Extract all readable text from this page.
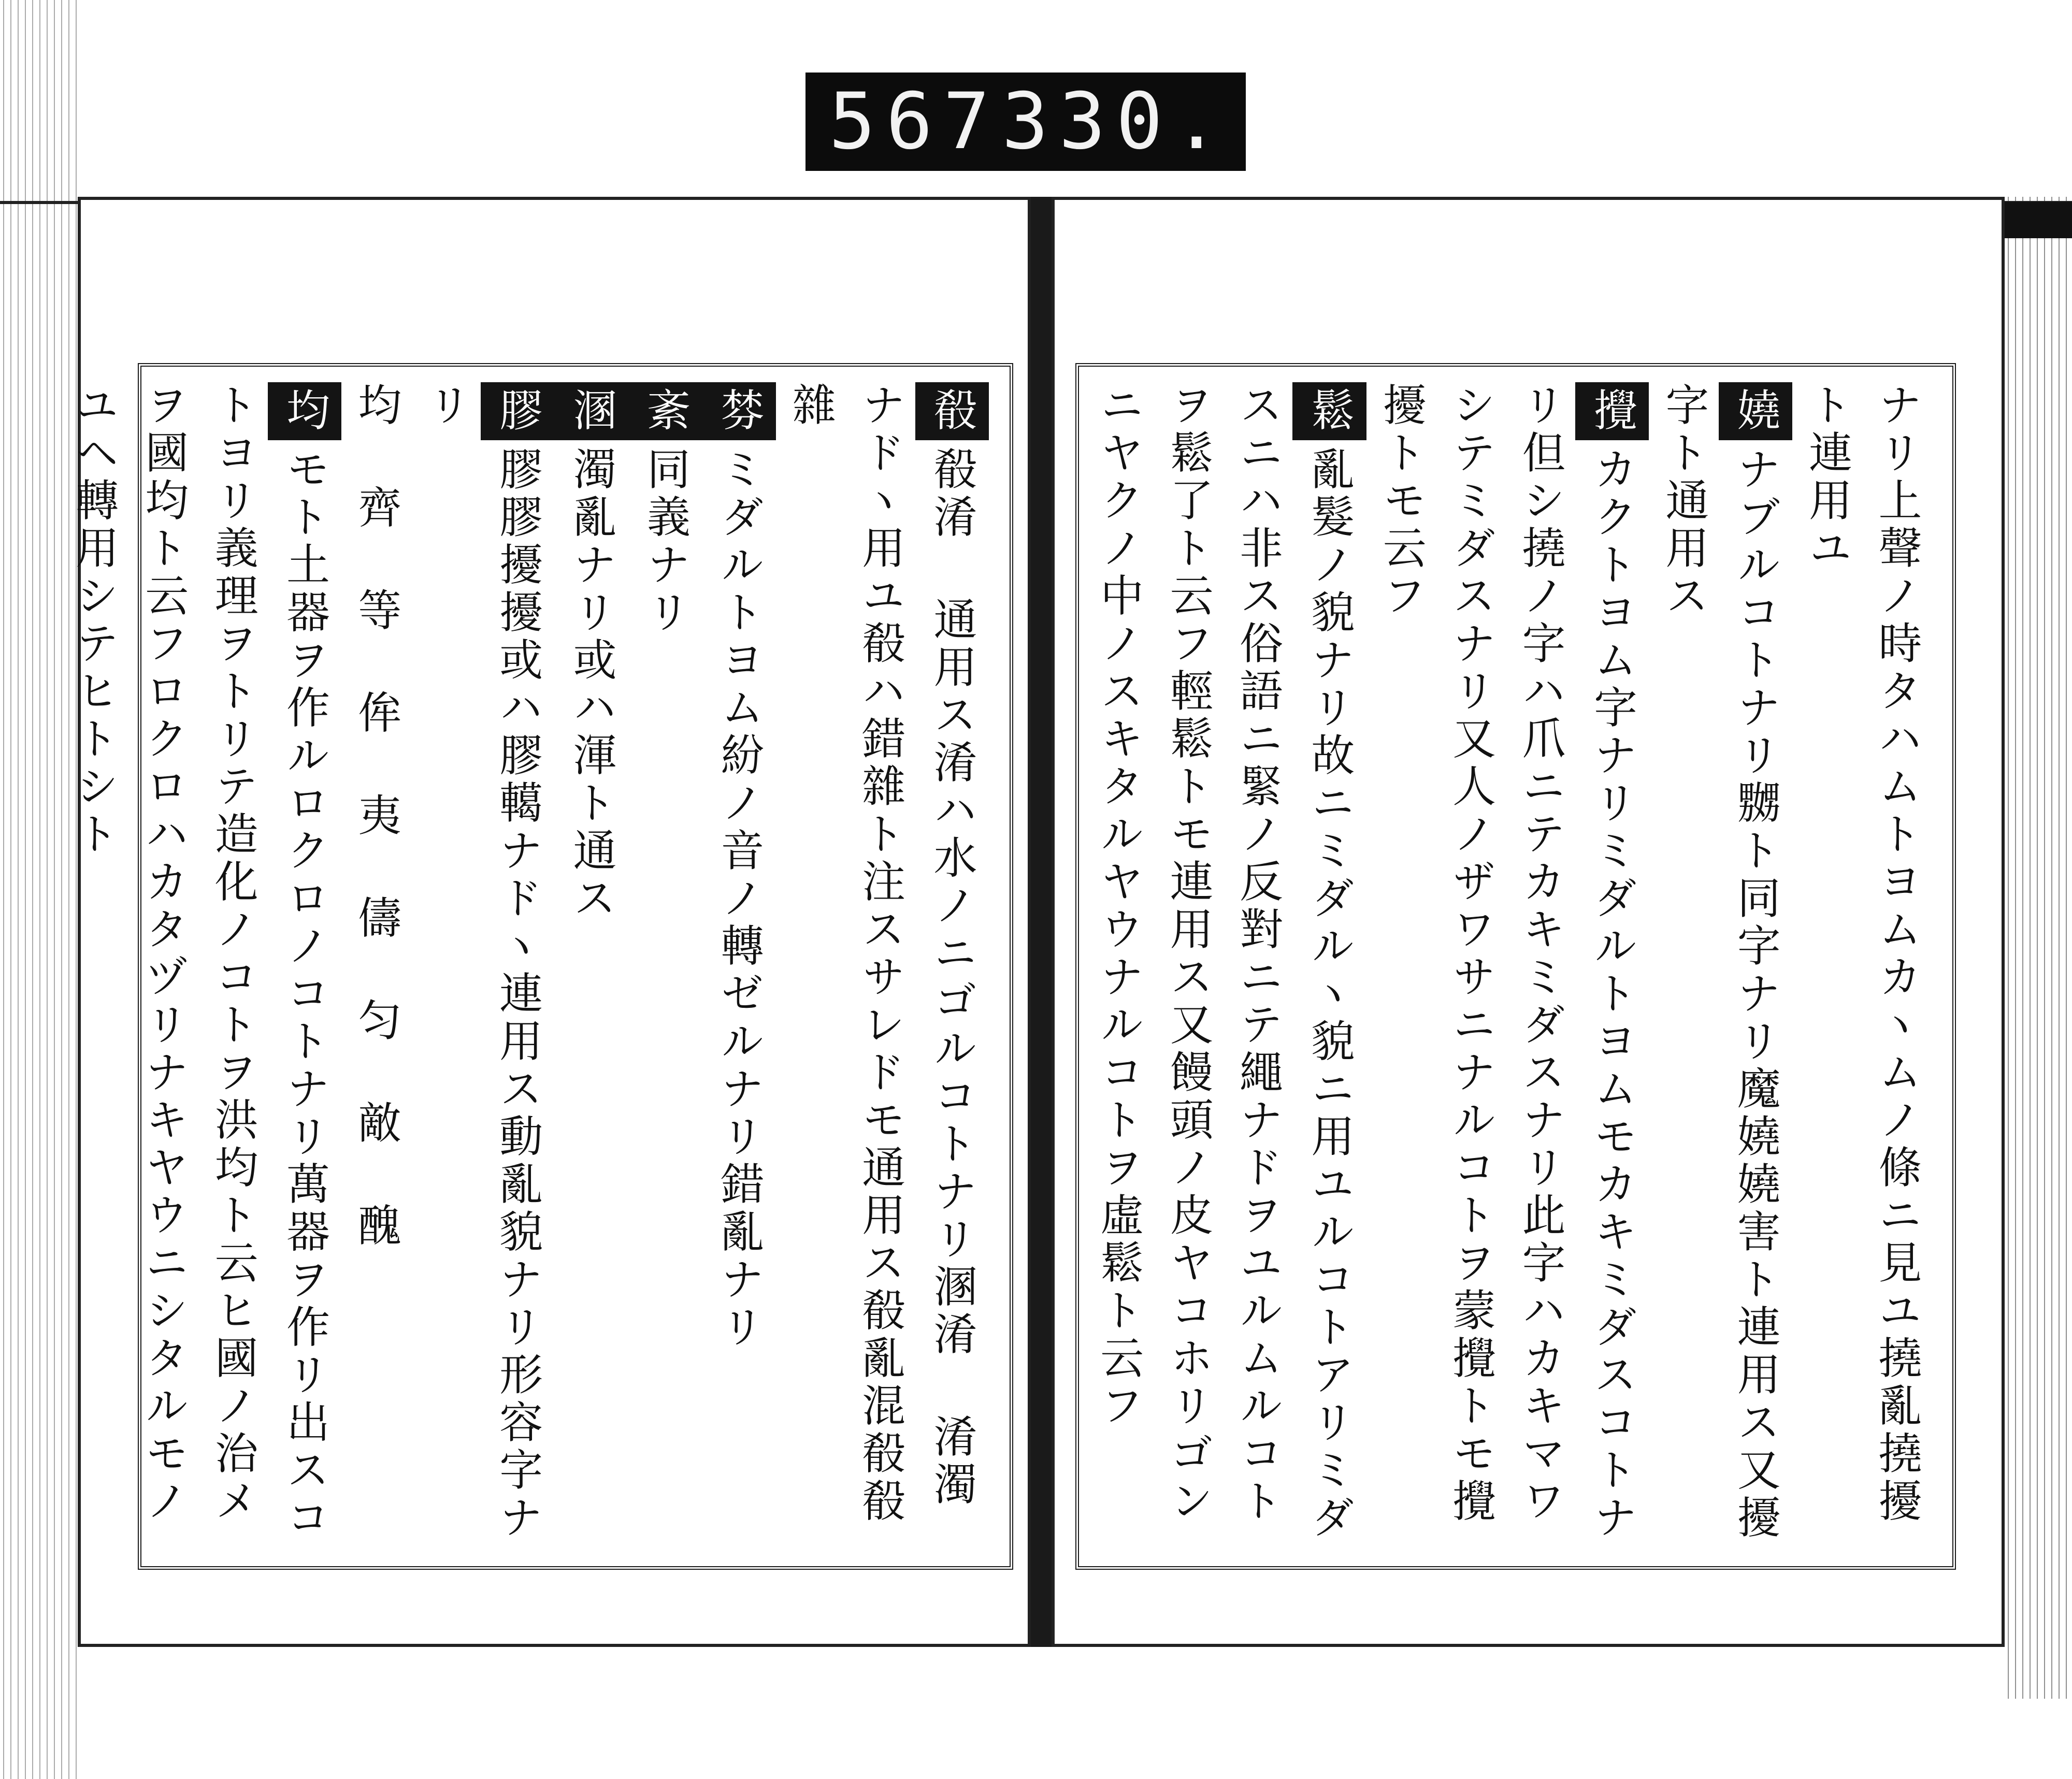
567 330.
殽殽淆 通用ス淆ハ水ノニゴルコトナリ溷淆 淆濁ナドヽ用ユ殽ハ錯雜ト注スサレドモ通用ス殽亂混殽殽雜
棼ミダルトヨム紛ノ音ノ轉ゼルナリ錯亂ナリ
紊同義ナリ
溷濁亂ナリ或ハ渾ト通ス
膠膠膠擾擾或ハ膠轕ナドヽ連用ス動亂貌ナリ形容字ナリ
均 齊 等 侔 夷 儔 匀 敵 醜
均モト土器ヲ作ルロクロノコトナリ萬器ヲ作リ出スコトヨリ義理ヲトリテ造化ノコトヲ洪均ト云ヒ國ノ治メヲ國均ト云フロクロハカタヅリナキヤウニシタルモノユヘ轉用シテヒトシト	ナリ上聲ノ時タハムトヨムカヽムノ條ニ見ユ撓亂撓擾ト連用ユ
嬈ナブルコトナリ嬲ト同字ナリ魔嬈嬈害ト連用ス又擾字ト通用ス
攪カクトヨム字ナリミダルトヨムモカキミダスコトナリ但シ撓ノ字ハ爪ニテカキミダスナリ此字ハカキマワシテミダスナリ又人ノザワサニナルコトヲ蒙攪トモ攪擾トモ云フ
鬆亂髮ノ貌ナリ故ニミダルヽ貌ニ用ユルコトアリミダスニハ非ス俗語ニ緊ノ反對ニテ繩ナドヲユルムルコトヲ鬆了ト云フ輕鬆トモ連用ス又饅頭ノ皮ヤコホリゴンニヤクノ中ノスキタルヤウナルコトヲ虛鬆ト云フ
